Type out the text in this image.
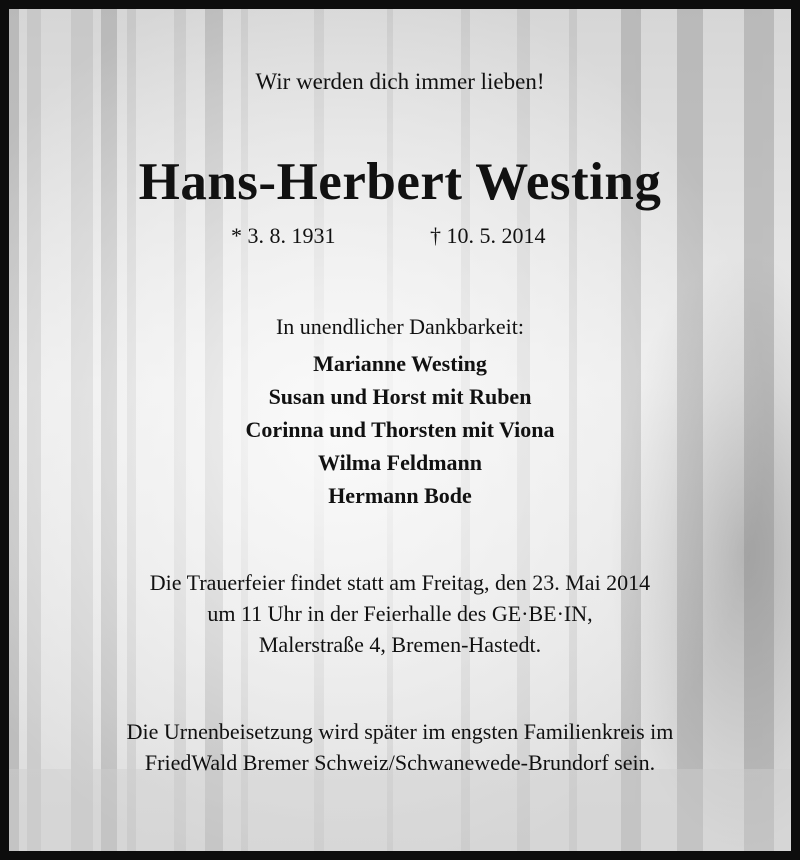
Wir werden dich immer lieben!
Hans-Herbert Westing
* 3. 8. 1931	† 10. 5. 2014
In unendlicher Dankbarkeit:
Marianne Westing
Susan und Horst mit Ruben
Corinna und Thorsten mit Viona
Wilma Feldmann
Hermann Bode
Die Trauerfeier findet statt am Freitag, den 23. Mai 2014
um 11 Uhr in der Feierhalle des GE·BE·IN,
Malerstraße 4, Bremen-Hastedt.
Die Urnenbeisetzung wird später im engsten Familienkreis im
FriedWald Bremer Schweiz/Schwanewede-Brundorf sein.
